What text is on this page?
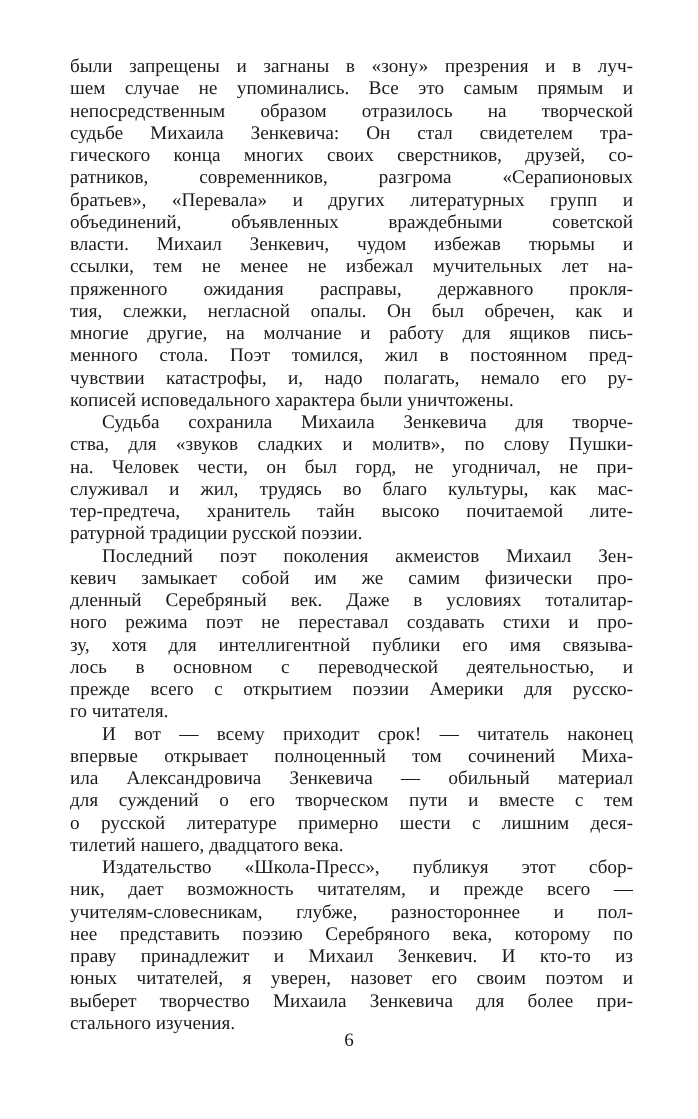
были запрещены и загнаны в «зону» презрения и в луч-
шем случае не упоминались. Все это самым прямым и
непосредственным образом отразилось на творческой
судьбе Михаила Зенкевича: Он стал свидетелем тра-
гического конца многих своих сверстников, друзей, со-
ратников, современников, разгрома «Серапионовых
братьев», «Перевала» и других литературных групп и
объединений, объявленных враждебными советской
власти. Михаил Зенкевич, чудом избежав тюрьмы и
ссылки, тем не менее не избежал мучительных лет на-
пряженного ожидания расправы, державного прокля-
тия, слежки, негласной опалы. Он был обречен, как и
многие другие, на молчание и работу для ящиков пись-
менного стола. Поэт томился, жил в постоянном пред-
чувствии катастрофы, и, надо полагать, немало его ру-
кописей исповедального характера были уничтожены.

Судьба сохранила Михаила Зенкевича для творче-
ства, для «звуков сладких и молитв», по слову Пушки-
на. Человек чести, он был горд, не угодничал, не при-
служивал и жил, трудясь во благо культуры, как мас-
тер-предтеча, хранитель тайн высоко почитаемой лите-
ратурной традиции русской поэзии.

Последний поэт поколения акмеистов Михаил Зен-
кевич замыкает собой им же самим физически про-
дленный Серебряный век. Даже в условиях тоталитар-
ного режима поэт не переставал создавать стихи и про-
зу, хотя для интеллигентной публики его имя связыва-
лось в основном с переводческой деятельностью, и
прежде всего с открытием поэзии Америки для русско-
го читателя.

И вот — всему приходит срок! — читатель наконец
впервые открывает полноценный том сочинений Миха-
ила Александровича Зенкевича — обильный материал
для суждений о его творческом пути и вместе с тем
о русской литературе примерно шести с лишним деся-
тилетий нашего, двадцатого века.

Издательство «Школа-Пресс», публикуя этот сбор-
ник, дает возможность читателям, и прежде всего —
учителям-словесникам, глубже, разностороннее и пол-
нее представить поэзию Серебряного века, которому по
праву принадлежит и Михаил Зенкевич. И кто-то из
юных читателей, я уверен, назовет его своим поэтом и
выберет творчество Михаила Зенкевича для более при-
стального изучения.

6
